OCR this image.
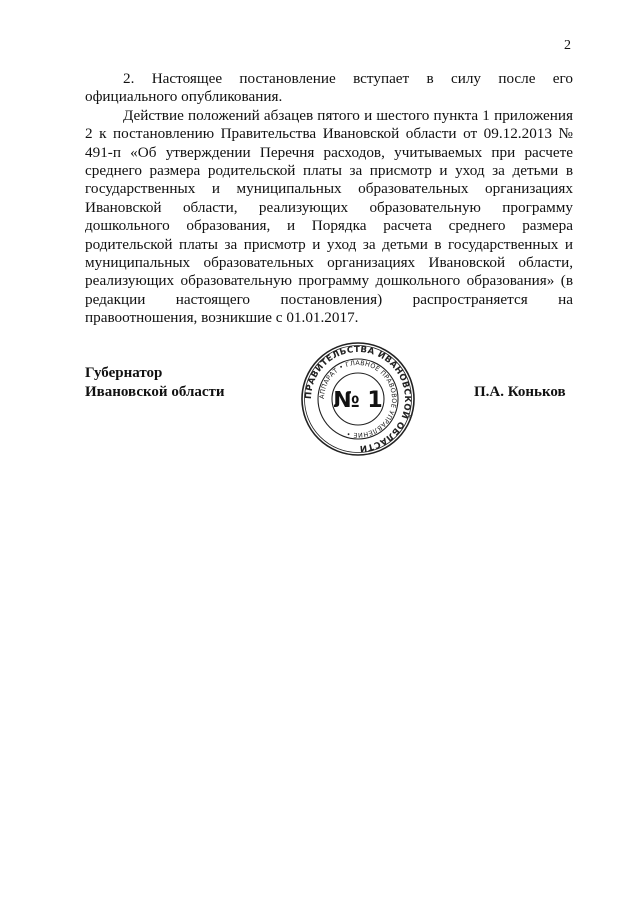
2

2. Настоящее постановление вступает в силу после его официального опубликования.

Действие положений абзацев пятого и шестого пункта 1 приложения 2 к постановлению Правительства Ивановской области от 09.12.2013 № 491-п «Об утверждении Перечня расходов, учитываемых при расчете среднего размера родительской платы за присмотр и уход за детьми в государственных и муниципальных образовательных организациях Ивановской области, реализующих образовательную программу дошкольного образования, и Порядка расчета среднего размера родительской платы за присмотр и уход за детьми в государственных и муниципальных образовательных организациях Ивановской области, реализующих образовательную программу дошкольного образования» (в редакции настоящего постановления) распространяется на правоотношения, возникшие с 01.01.2017.

Губернатор
Ивановской области	П.А. Коньков
ПРАВИТЕЛЬСТВА ИВАНОВСКОЙ ОБЛАСТИ
АППАРАТ • ГЛАВНОЕ ПРАВОВОЕ УПРАВЛЕНИЕ •
№ 1
